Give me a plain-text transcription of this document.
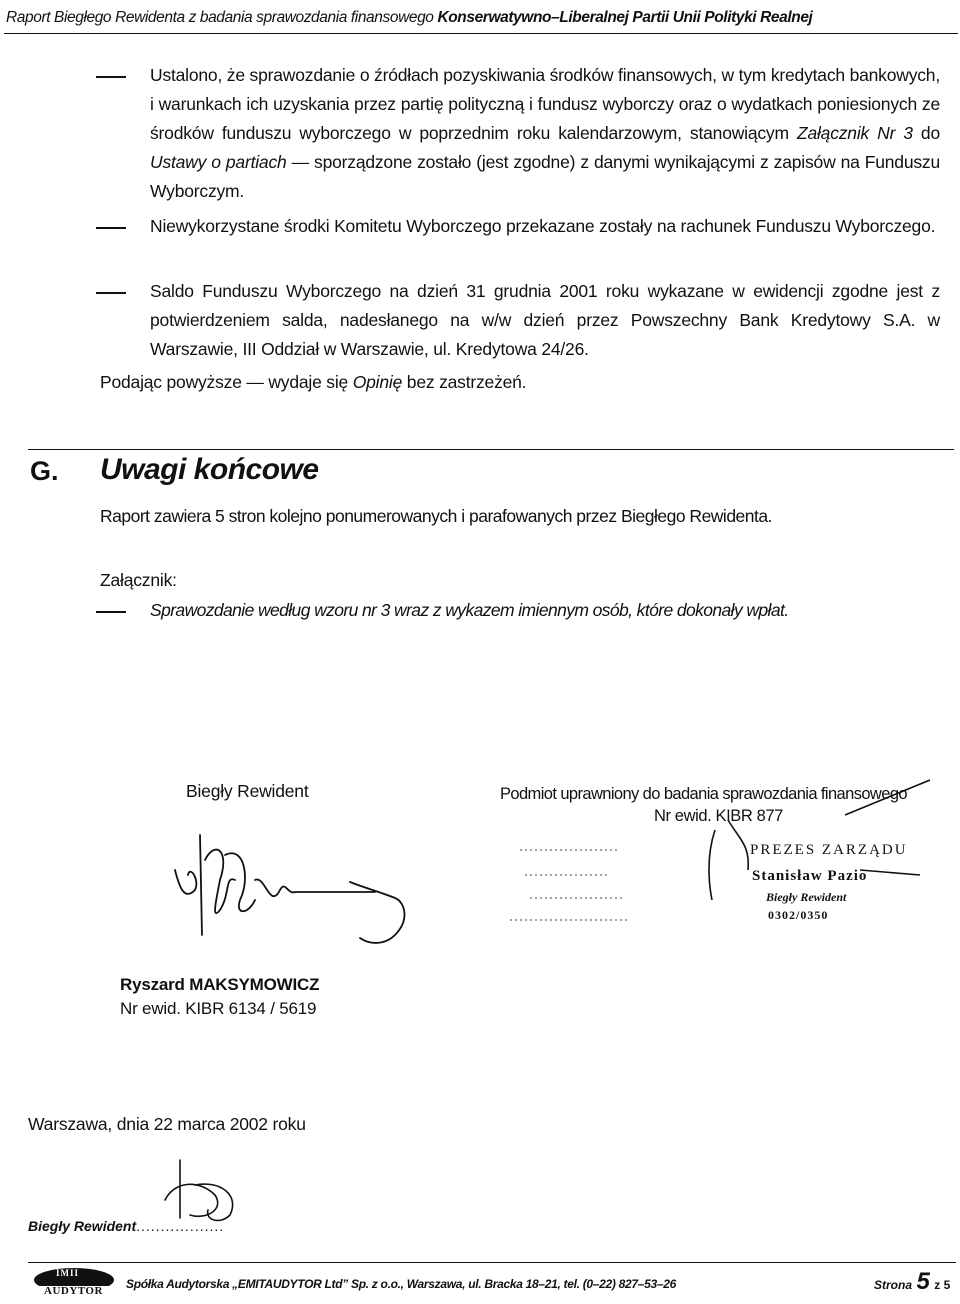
Raport Biegłego Rewidenta z badania sprawozdania finansowego Konserwatywno–Liberalnej Partii Unii Polityki Realnej
Ustalono, że sprawozdanie o źródłach pozyskiwania środków finansowych, w tym kredytach bankowych, i warunkach ich uzyskania przez partię polityczną i fundusz wyborczy oraz o wydatkach poniesionych ze środków funduszu wyborczego w poprzednim roku kalendarzowym, stanowiącym Załącznik Nr 3 do Ustawy o partiach — sporządzone zostało (jest zgodne) z danymi wynikającymi z zapisów na Funduszu Wyborczym.
Niewykorzystane środki Komitetu Wyborczego przekazane zostały na rachunek Funduszu Wyborczego.
Saldo Funduszu Wyborczego na dzień 31 grudnia 2001 roku wykazane w ewidencji zgodne jest z potwierdzeniem salda, nadesłanego na w/w dzień przez Powszechny Bank Kredytowy S.A. w Warszawie, III Oddział w Warszawie, ul. Kredytowa 24/26.
Podając powyższe — wydaje się Opinię bez zastrzeżeń.
G. Uwagi końcowe
Raport zawiera 5 stron kolejno ponumerowanych i parafowanych przez Biegłego Rewidenta.
Załącznik:
Sprawozdanie według wzoru nr 3 wraz z wykazem imiennym osób, które dokonały wpłat.
Biegły Rewident	Podmiot uprawniony do badania sprawozdania finansowego
Nr ewid. KIBR 877
PREZES ZARZĄDU
Stanisław Pazio
Biegły Rewident
0302/0350
Ryszard MAKSYMOWICZ
Nr ewid. KIBR 6134 / 5619
Warszawa, dnia 22 marca 2002 roku
Biegły Rewident..................
IMII
AUDYTOR Spółka Audytorska „EMITAUDYTOR Ltd” Sp. z o.o., Warszawa, ul. Bracka 18–21, tel. (0–22) 827–53–26	Strona 5 z 5
